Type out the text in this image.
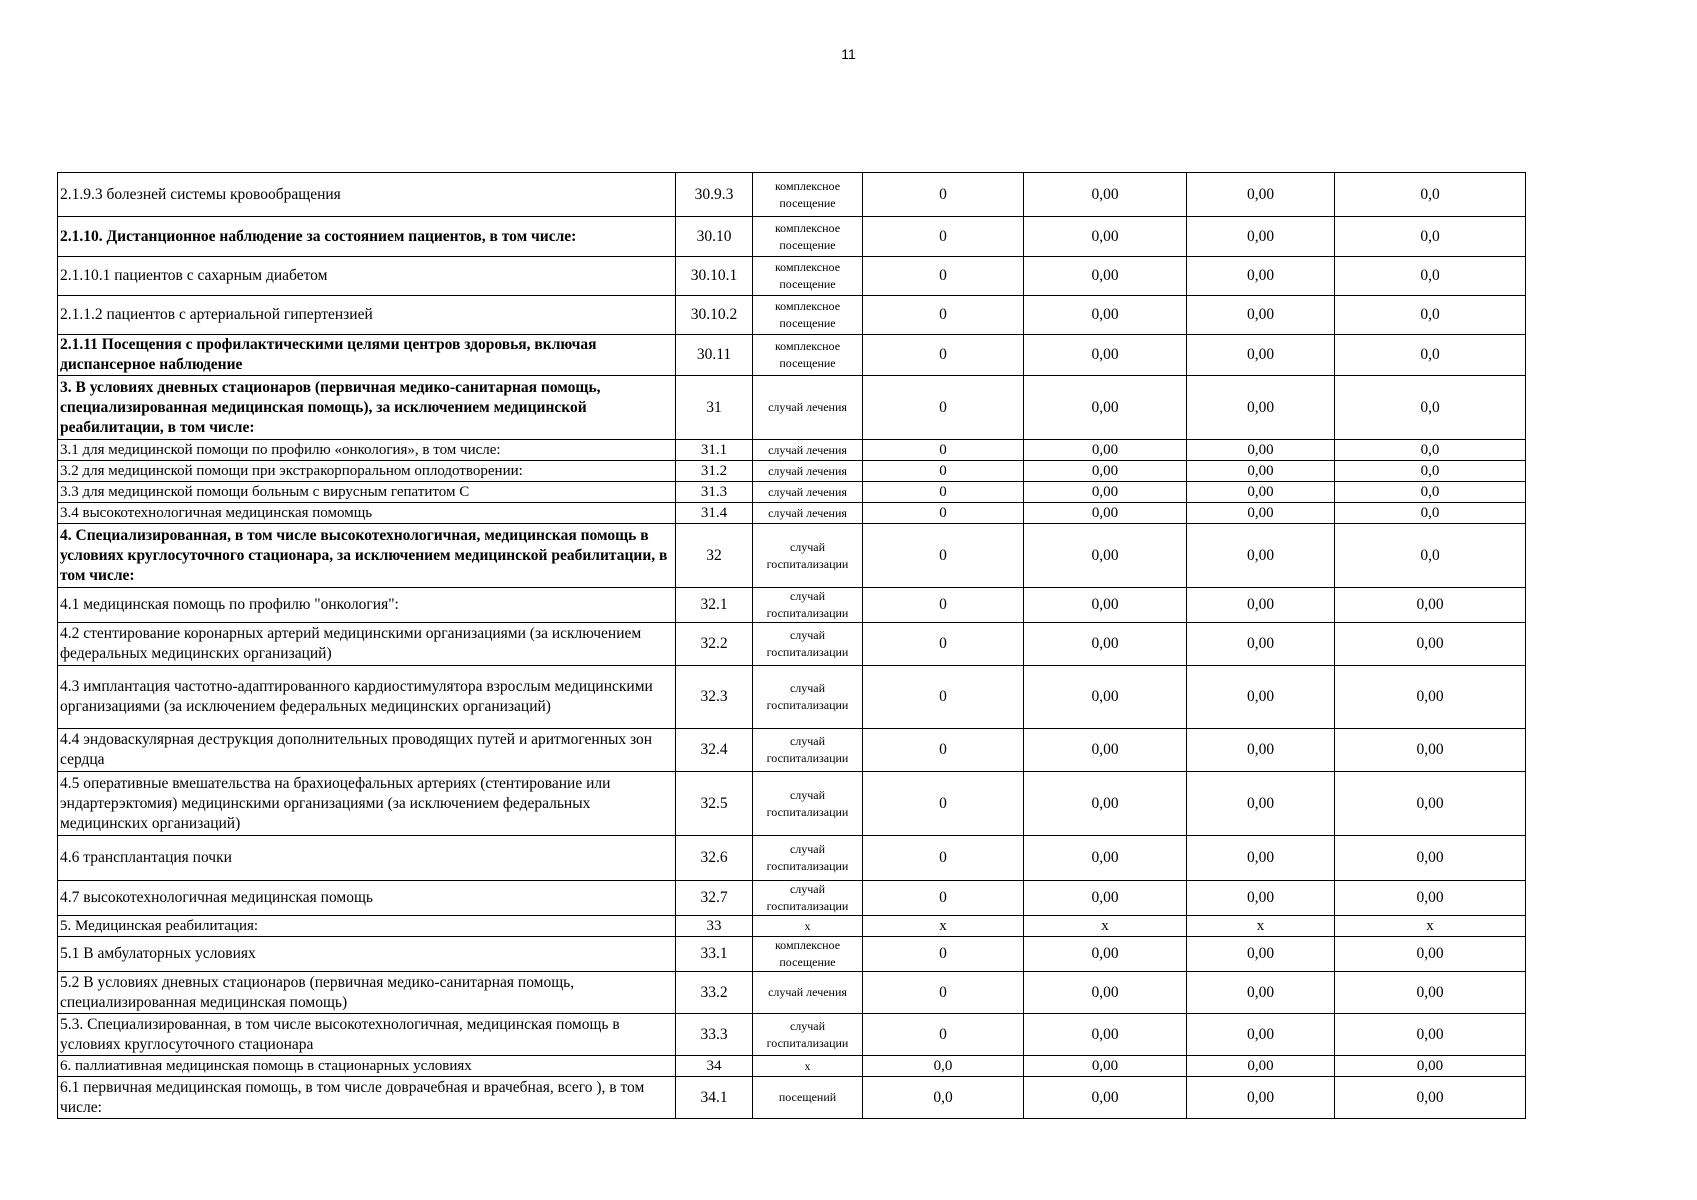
11
2.1.9.3 болезней системы кровообращения	30.9.3	комплексное посещение	0	0,00	0,00	0,0
2.1.10. Дистанционное наблюдение за состоянием пациентов, в том числе:	30.10	комплексное посещение	0	0,00	0,00	0,0
2.1.10.1 пациентов с сахарным диабетом	30.10.1	комплексное посещение	0	0,00	0,00	0,0
2.1.1.2 пациентов с артериальной гипертензией	30.10.2	комплексное посещение	0	0,00	0,00	0,0
2.1.11 Посещения с профилактическими целями центров здоровья, включая диспансерное наблюдение	30.11	комплексное посещение	0	0,00	0,00	0,0
3. В условиях дневных стационаров (первичная медико-санитарная помощь, специализированная медицинская помощь), за исключением медицинской реабилитации, в том числе:	31	случай лечения	0	0,00	0,00	0,0
3.1 для медицинской помощи по профилю «онкология», в том числе:	31.1	случай лечения	0	0,00	0,00	0,0
3.2 для медицинской помощи при экстракорпоральном оплодотворении:	31.2	случай лечения	0	0,00	0,00	0,0
3.3 для медицинской помощи больным с вирусным гепатитом С	31.3	случай лечения	0	0,00	0,00	0,0
3.4 высокотехнологичная медицинская помомщь	31.4	случай лечения	0	0,00	0,00	0,0
4. Специализированная, в том числе высокотехнологичная, медицинская помощь в условиях круглосуточного стационара, за исключением медицинской реабилитации, в том числе:	32	случай госпитализации	0	0,00	0,00	0,0
4.1 медицинская помощь по профилю "онкология":	32.1	случай госпитализации	0	0,00	0,00	0,00
4.2 стентирование коронарных артерий медицинскими организациями (за исключением федеральных медицинских организаций)	32.2	случай госпитализации	0	0,00	0,00	0,00
4.3 имплантация частотно-адаптированного кардиостимулятора взрослым медицинскими организациями (за исключением федеральных медицинских организаций)	32.3	случай госпитализации	0	0,00	0,00	0,00
4.4 эндоваскулярная деструкция дополнительных проводящих путей и аритмогенных зон сердца	32.4	случай госпитализации	0	0,00	0,00	0,00
4.5 оперативные вмешательства на брахиоцефальных артериях (стентирование или эндартерэктомия) медицинскими организациями (за исключением федеральных медицинских организаций)	32.5	случай госпитализации	0	0,00	0,00	0,00
4.6 трансплантация почки	32.6	случай госпитализации	0	0,00	0,00	0,00
4.7 высокотехнологичная медицинская помощь	32.7	случай госпитализации	0	0,00	0,00	0,00
5. Медицинская реабилитация:	33	х	х	х	х	х
5.1 В амбулаторных условиях	33.1	комплексное посещение	0	0,00	0,00	0,00
5.2 В условиях дневных стационаров (первичная медико-санитарная помощь, специализированная медицинская помощь)	33.2	случай лечения	0	0,00	0,00	0,00
5.3. Специализированная, в том числе высокотехнологичная, медицинская помощь в условиях круглосуточного стационара	33.3	случай госпитализации	0	0,00	0,00	0,00
6. паллиативная медицинская помощь в стационарных условиях	34	х	0,0	0,00	0,00	0,00
6.1 первичная медицинская помощь, в том числе доврачебная и врачебная, всего ), в том числе:	34.1	посещений	0,0	0,00	0,00	0,00
